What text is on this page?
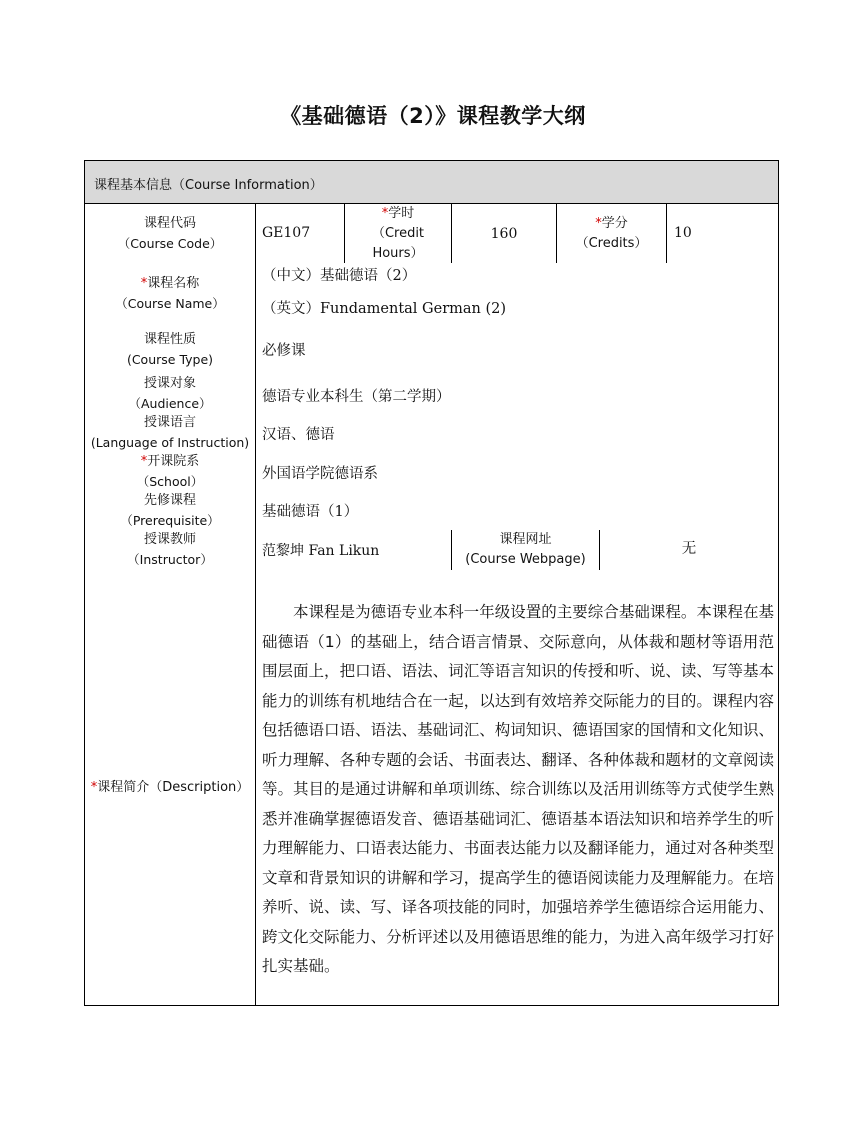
《基础德语（2）》课程教学大纲
课程基本信息（Course Information）
课程代码
（Course Code）
GE107
*学时
（Credit
Hours）
160
*学分
（Credits）
10
*课程名称
（Course Name）
（中文）基础德语（2）
（英文）Fundamental German (2)
课程性质
(Course Type)
必修课
授课对象
（Audience）	德语专业本科生（第二学期）
授课语言
(Language of Instruction) 汉语、德语
*开课院系
（School）	外国语学院德语系
先修课程
（Prerequisite）
基础德语（1）
授课教师
（Instructor）
范黎坤 Fan Likun
课程网址
(Course Webpage)
无
*课程简介（Description）
本课程是为德语专业本科一年级设置的主要综合基础课程。本课程在基础德语（1）的基础上，结合语言情景、交际意向，从体裁和题材等语用范围层面上，把口语、语法、词汇等语言知识的传授和听、说、读、写等基本能力的训练有机地结合在一起，以达到有效培养交际能力的目的。课程内容包括德语口语、语法、基础词汇、构词知识、德语国家的国情和文化知识、听力理解、各种专题的会话、书面表达、翻译、各种体裁和题材的文章阅读等。其目的是通过讲解和单项训练、综合训练以及活用训练等方式使学生熟悉并准确掌握德语发音、德语基础词汇、德语基本语法知识和培养学生的听力理解能力、口语表达能力、书面表达能力以及翻译能力，通过对各种类型文章和背景知识的讲解和学习，提高学生的德语阅读能力及理解能力。在培养听、说、读、写、译各项技能的同时，加强培养学生德语综合运用能力、跨文化交际能力、分析评述以及用德语思维的能力，为进入高年级学习打好扎实基础。
